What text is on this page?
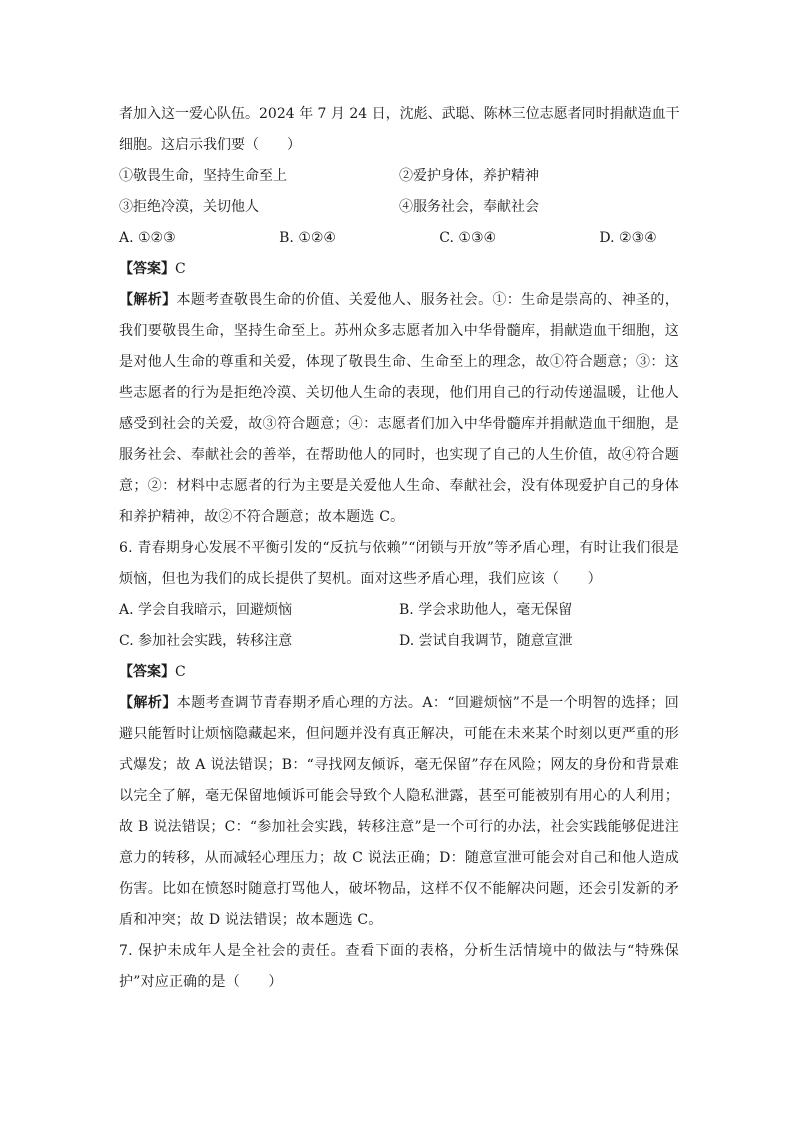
者加入这一爱心队伍。2024 年 7 月 24 日，沈彪、武聪、陈林三位志愿者同时捐献造血干
细胞。这启示我们要（　　）
①敬畏生命，坚持生命至上	②爱护身体，养护精神
③拒绝冷漠，关切他人	④服务社会，奉献社会
A. ①②③	B. ①②④	C. ①③④	D. ②③④
【答案】C
【解析】本题考查敬畏生命的价值、关爱他人、服务社会。①：生命是崇高的、神圣的，我们要敬畏生命，坚持生命至上。苏州众多志愿者加入中华骨髓库，捐献造血干细胞，这是对他人生命的尊重和关爱，体现了敬畏生命、生命至上的理念，故①符合题意；③：这些志愿者的行为是拒绝冷漠、关切他人生命的表现，他们用自己的行动传递温暖，让他人感受到社会的关爱，故③符合题意；④：志愿者们加入中华骨髓库并捐献造血干细胞，是服务社会、奉献社会的善举，在帮助他人的同时，也实现了自己的人生价值，故④符合题意；②：材料中志愿者的行为主要是关爱他人生命、奉献社会，没有体现爱护自己的身体和养护精神，故②不符合题意；故本题选 C。
6. 青春期身心发展不平衡引发的“反抗与依赖”“闭锁与开放”等矛盾心理，有时让我们很是烦恼，但也为我们的成长提供了契机。面对这些矛盾心理，我们应该（　　）
A. 学会自我暗示，回避烦恼	B. 学会求助他人，毫无保留
C. 参加社会实践，转移注意	D. 尝试自我调节，随意宣泄
【答案】C
【解析】本题考查调节青春期矛盾心理的方法。A：“回避烦恼”不是一个明智的选择；回避只能暂时让烦恼隐藏起来，但问题并没有真正解决，可能在未来某个时刻以更严重的形式爆发；故 A 说法错误；B：“寻找网友倾诉，毫无保留”存在风险；网友的身份和背景难以完全了解，毫无保留地倾诉可能会导致个人隐私泄露，甚至可能被别有用心的人利用；故 B 说法错误；C：“参加社会实践，转移注意”是一个可行的办法，社会实践能够促进注意力的转移，从而减轻心理压力；故 C 说法正确；D：随意宣泄可能会对自己和他人造成伤害。比如在愤怒时随意打骂他人，破坏物品，这样不仅不能解决问题，还会引发新的矛盾和冲突；故 D 说法错误；故本题选 C。
7. 保护未成年人是全社会的责任。查看下面的表格，分析生活情境中的做法与“特殊保护”对应正确的是（　　）
